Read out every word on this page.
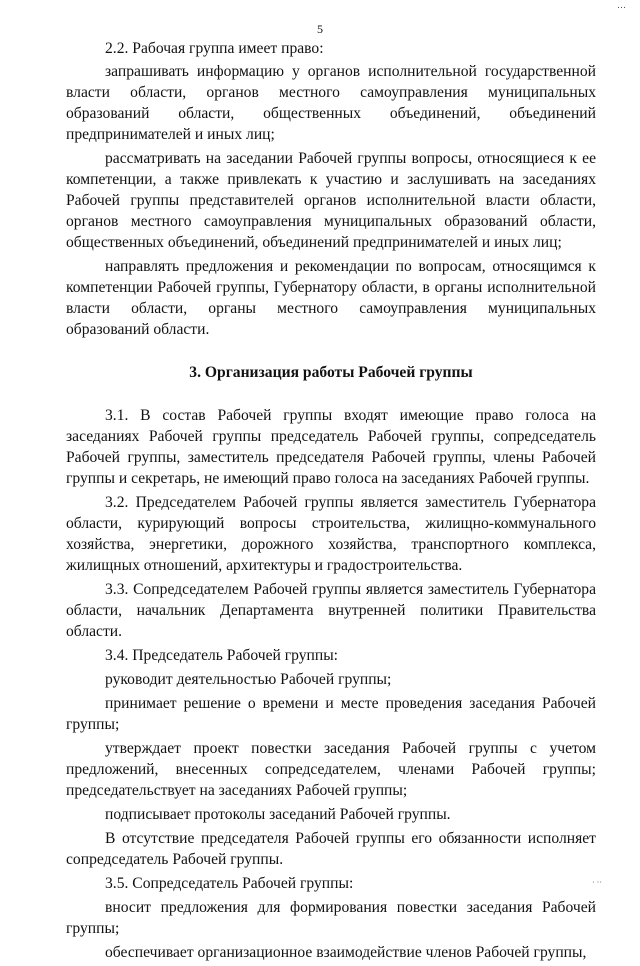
…
5

2.2. Рабочая группа имеет право:

запрашивать информацию у органов исполнительной государственной власти области, органов местного самоуправления муниципальных образований области, общественных объединений, объединений предпринимателей и иных лиц;

рассматривать на заседании Рабочей группы вопросы, относящиеся к ее компетенции, а также привлекать к участию и заслушивать на заседаниях Рабочей группы представителей органов исполнительной власти области, органов местного самоуправления муниципальных образований области, общественных объединений, объединений предпринимателей и иных лиц;

направлять предложения и рекомендации по вопросам, относящимся к компетенции Рабочей группы, Губернатору области, в органы исполнительной власти области, органы местного самоуправления муниципальных образований области.

3. Организация работы Рабочей группы

3.1. В состав Рабочей группы входят имеющие право голоса на заседаниях Рабочей группы председатель Рабочей группы, сопредседатель Рабочей группы, заместитель председателя Рабочей группы, члены Рабочей группы и секретарь, не имеющий право голоса на заседаниях Рабочей группы.

3.2. Председателем Рабочей группы является заместитель Губернатора области, курирующий вопросы строительства, жилищно-коммунального хозяйства, энергетики, дорожного хозяйства, транспортного комплекса, жилищных отношений, архитектуры и градостроительства.

3.3. Сопредседателем Рабочей группы является заместитель Губернатора области, начальник Департамента внутренней политики Правительства области.

3.4. Председатель Рабочей группы:

руководит деятельностью Рабочей группы;

принимает решение о времени и месте проведения заседания Рабочей группы;

утверждает проект повестки заседания Рабочей группы с учетом предложений, внесенных сопредседателем, членами Рабочей группы; председательствует на заседаниях Рабочей группы;

подписывает протоколы заседаний Рабочей группы.

В отсутствие председателя Рабочей группы его обязанности исполняет сопредседатель Рабочей группы.

3.5. Сопредседатель Рабочей группы:

вносит предложения для формирования повестки заседания Рабочей группы;

обеспечивает организационное взаимодействие членов Рабочей группы,

· ··
